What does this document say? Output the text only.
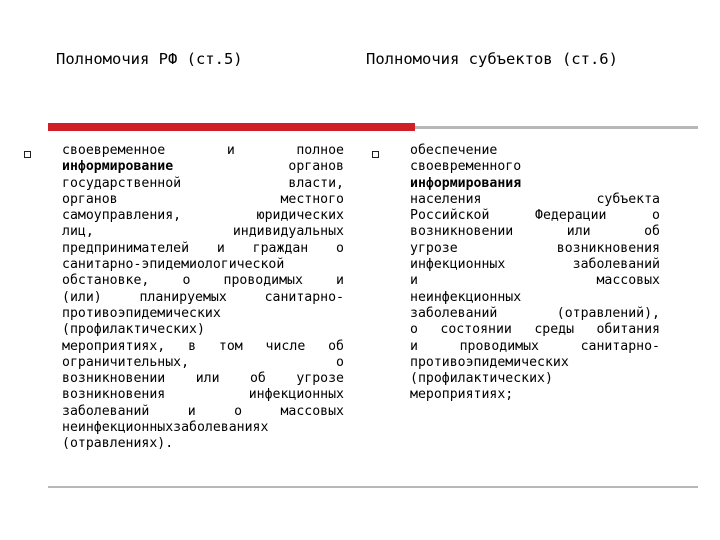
Полномочия РФ (ст.5)	Полномочия субъектов (ст.6)
своевременное и полное
информирование органов
государственной власти,
органов местного
самоуправления, юридических
лиц, индивидуальных
предпринимателей и граждан о
санитарно-эпидемиологической
обстановке, о проводимых и
(или) планируемых санитарно-
противоэпидемических
(профилактических)
мероприятиях, в том числе об
ограничительных, о
возникновении или об угрозе
возникновения инфекционных
заболеваний и о массовых
неинфекционныхзаболеваниях
(отравлениях).
обеспечение
своевременного
информирования
населения субъекта
Российской Федерации о
возникновении или об
угрозе возникновения
инфекционных заболеваний
и массовых
неинфекционных
заболеваний (отравлений),
о состоянии среды обитания
и проводимых санитарно-
противоэпидемических
(профилактических)
мероприятиях;
